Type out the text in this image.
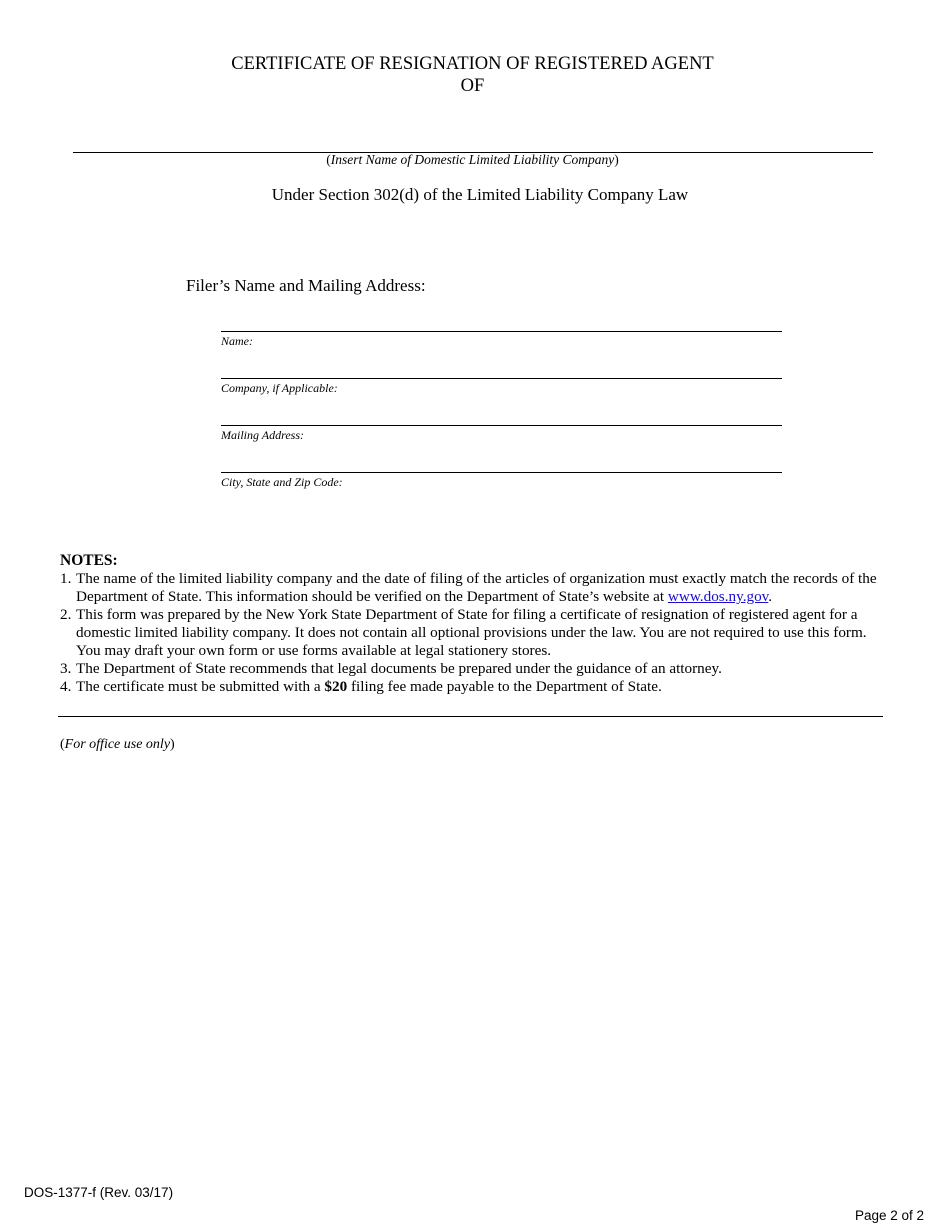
CERTIFICATE OF RESIGNATION OF REGISTERED AGENT
OF
(Insert Name of Domestic Limited Liability Company)
Under Section 302(d) of the Limited Liability Company Law
Filer’s Name and Mailing Address:
Name:
Company, if Applicable:
Mailing Address:
City, State and Zip Code:
NOTES:
1. The name of the limited liability company and the date of filing of the articles of organization must exactly match the records of the Department of State. This information should be verified on the Department of State’s website at www.dos.ny.gov.
2. This form was prepared by the New York State Department of State for filing a certificate of resignation of registered agent for a domestic limited liability company. It does not contain all optional provisions under the law. You are not required to use this form. You may draft your own form or use forms available at legal stationery stores.
3. The Department of State recommends that legal documents be prepared under the guidance of an attorney.
4. The certificate must be submitted with a $20 filing fee made payable to the Department of State.
(For office use only)
DOS-1377-f (Rev. 03/17)
Page 2 of 2
